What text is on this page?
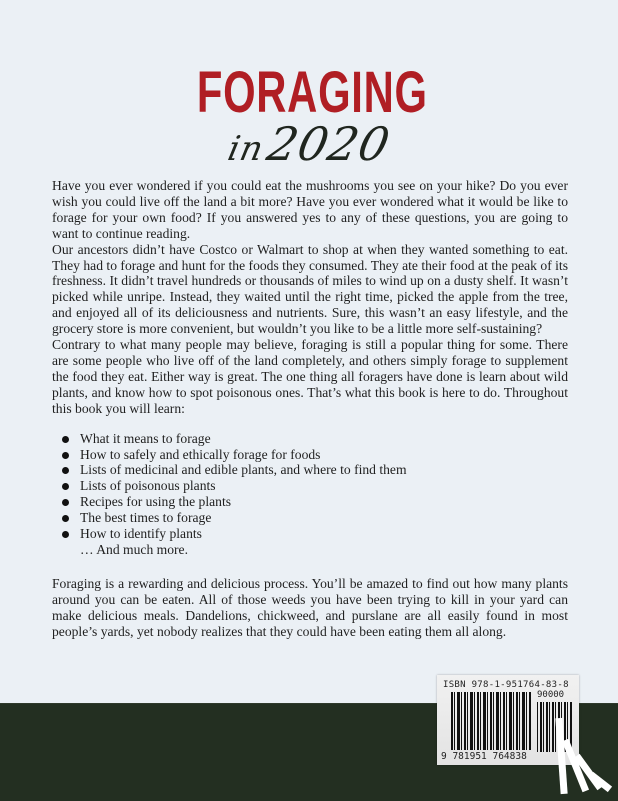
FORAGING
in2020

Have you ever wondered if you could eat the mushrooms you see on your hike? Do you ever wish you could live off the land a bit more? Have you ever wondered what it would be like to forage for your own food? If you answered yes to any of these questions, you are going to want to continue reading.

Our ancestors didn’t have Costco or Walmart to shop at when they wanted something to eat. They had to forage and hunt for the foods they consumed. They ate their food at the peak of its freshness. It didn’t travel hundreds or thousands of miles to wind up on a dusty shelf. It wasn’t picked while unripe. Instead, they waited until the right time, picked the apple from the tree, and enjoyed all of its deliciousness and nutrients. Sure, this wasn’t an easy lifestyle, and the grocery store is more convenient, but wouldn’t you like to be a little more self-sustaining?

Contrary to what many people may believe, foraging is still a popular thing for some. There are some people who live off of the land completely, and others simply forage to supplement the food they eat. Either way is great. The one thing all foragers have done is learn about wild plants, and know how to spot poisonous ones. That’s what this book is here to do. Throughout this book you will learn:

What it means to forage
How to safely and ethically forage for foods
Lists of medicinal and edible plants, and where to find them
Lists of poisonous plants
Recipes for using the plants
The best times to forage
How to identify plants
… And much more.

Foraging is a rewarding and delicious process. You’ll be amazed to find out how many plants around you can be eaten. All of those weeds you have been trying to kill in your yard can make delicious meals. Dandelions, chickweed, and purslane are all easily found in most people’s yards, yet nobody realizes that they could have been eating them all along.

ISBN 978-1-951764-83-8
90000
9 781951 764838
